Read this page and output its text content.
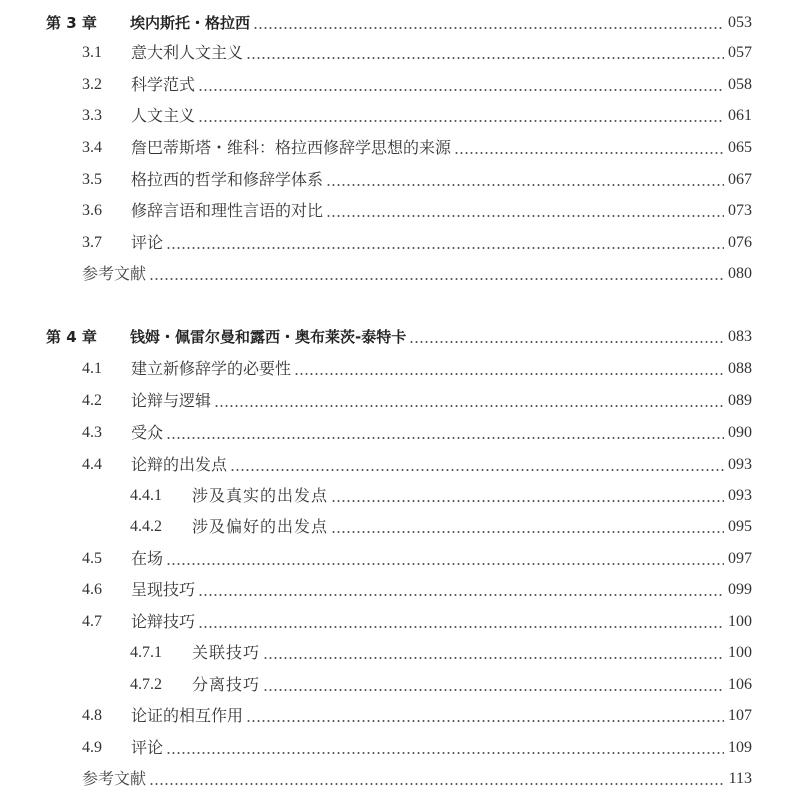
第 3 章	埃内斯托・格拉西	053
3.1	意大利人文主义	057
3.2	科学范式	058
3.3	人文主义	061
3.4	詹巴蒂斯塔・维科：格拉西修辞学思想的来源	065
3.5	格拉西的哲学和修辞学体系	067
3.6	修辞言语和理性言语的对比	073
3.7	评论	076
参考文献	080
第 4 章	钱姆・佩雷尔曼和露西・奥布莱茨-泰特卡	083
4.1	建立新修辞学的必要性	088
4.2	论辩与逻辑	089
4.3	受众	090
4.4	论辩的出发点	093
4.4.1	涉及真实的出发点	093
4.4.2	涉及偏好的出发点	095
4.5	在场	097
4.6	呈现技巧	099
4.7	论辩技巧	100
4.7.1	关联技巧	100
4.7.2	分离技巧	106
4.8	论证的相互作用	107
4.9	评论	109
参考文献	113
